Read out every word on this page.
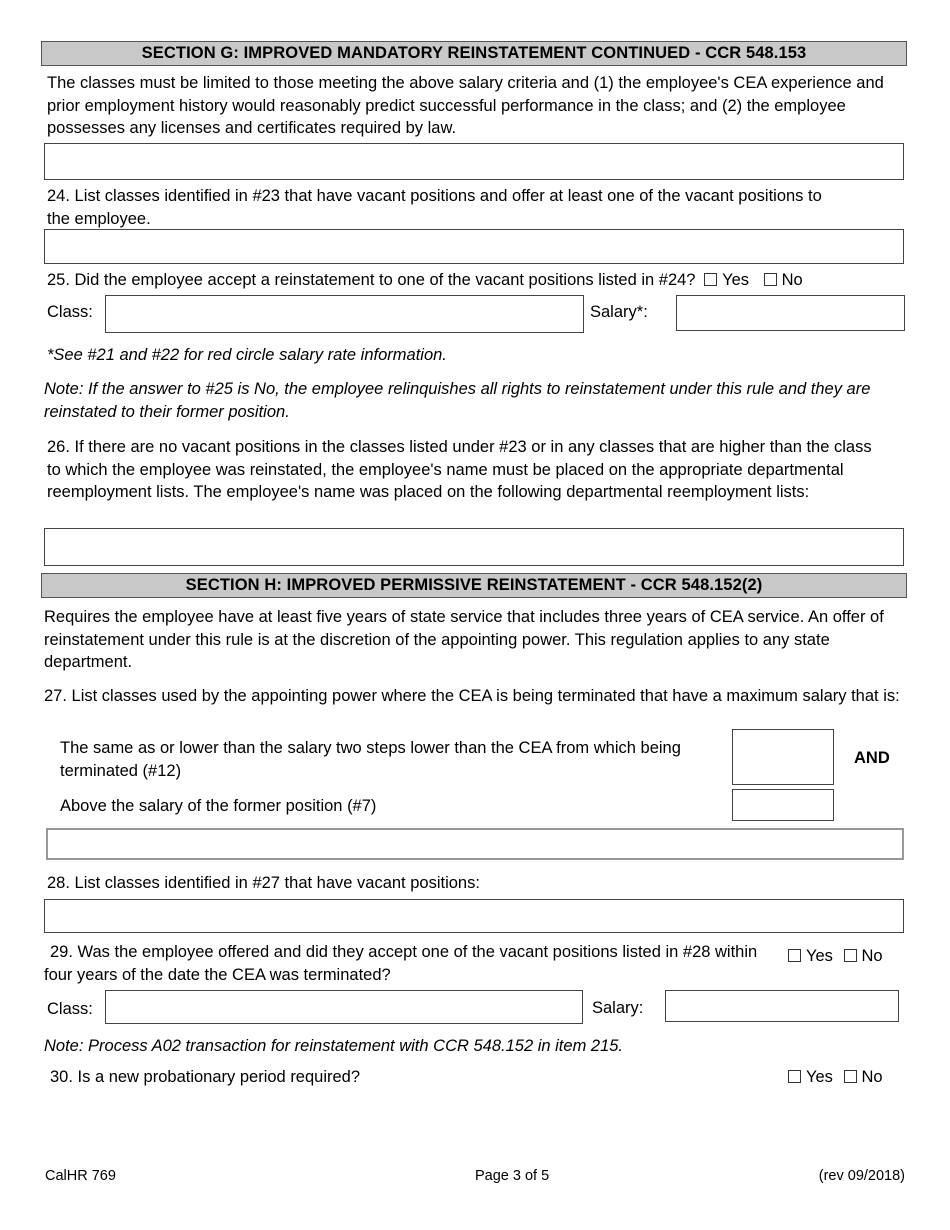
SECTION G: IMPROVED MANDATORY REINSTATEMENT CONTINUED - CCR 548.153
The classes must be limited to those meeting the above salary criteria and (1) the employee's CEA experience and prior employment history would reasonably predict successful performance in the class; and (2) the employee possesses any licenses and certificates required by law.
24. List classes identified in #23 that have vacant positions and offer at least one of the vacant positions to the employee.
25. Did the employee accept a reinstatement to one of the vacant positions listed in #24? Yes No
Class:	Salary*:
*See #21 and #22 for red circle salary rate information.
Note: If the answer to #25 is No, the employee relinquishes all rights to reinstatement under this rule and they are reinstated to their former position.
26. If there are no vacant positions in the classes listed under #23 or in any classes that are higher than the class to which the employee was reinstated, the employee's name must be placed on the appropriate departmental reemployment lists. The employee's name was placed on the following departmental reemployment lists:
SECTION H: IMPROVED PERMISSIVE REINSTATEMENT - CCR 548.152(2)
Requires the employee have at least five years of state service that includes three years of CEA service. An offer of reinstatement under this rule is at the discretion of the appointing power. This regulation applies to any state department.
27. List classes used by the appointing power where the CEA is being terminated that have a maximum salary that is:
The same as or lower than the salary two steps lower than the CEA from which being terminated (#12)
AND
Above the salary of the former position (#7)
28. List classes identified in #27 that have vacant positions:
29. Was the employee offered and did they accept one of the vacant positions listed in #28 within four years of the date the CEA was terminated?
Yes No
Class:	Salary:
Note: Process A02 transaction for reinstatement with CCR 548.152 in item 215.
30. Is a new probationary period required?	Yes No
CalHR 769	Page 3 of 5	(rev 09/2018)
